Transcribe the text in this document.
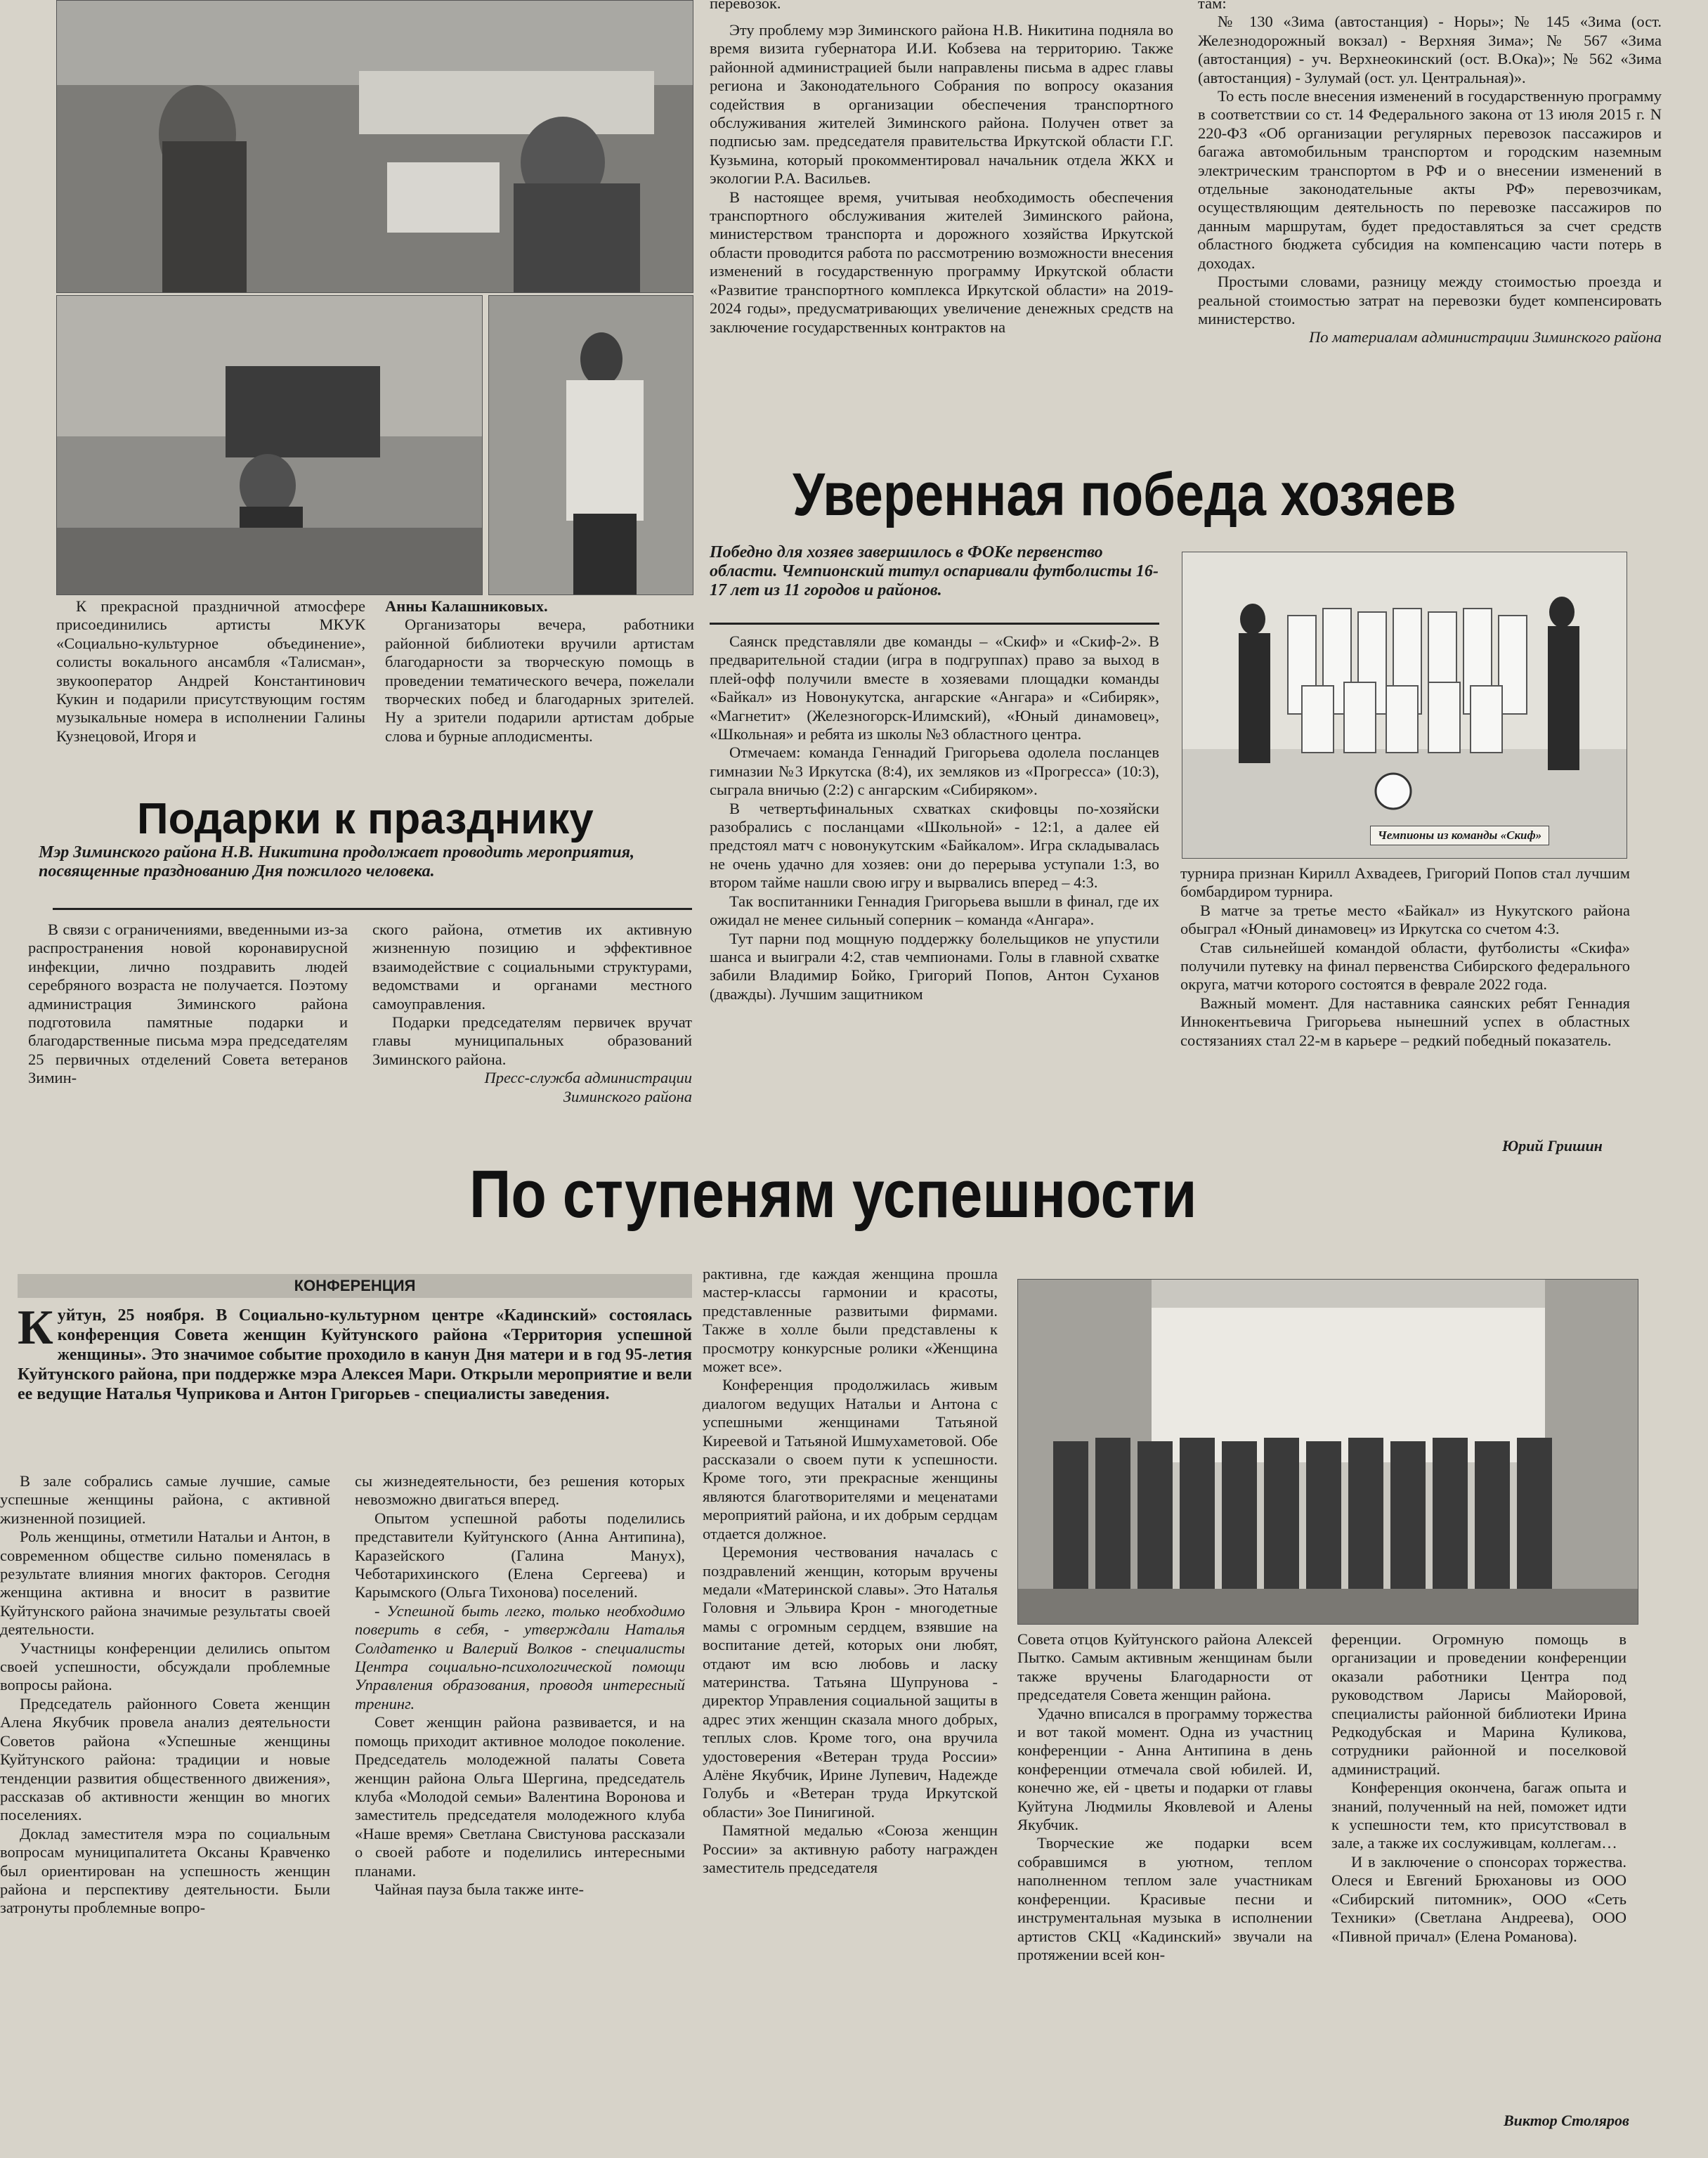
К прекрасной праздничной атмосфере присоединились артисты МКУК «Социально-культурное объединение», солисты вокального ансамбля «Талисман», звукооператор Андрей Константинович Кукин и подарили присутствующим гостям музыкальные номера в исполнении Галины Кузнецовой, Игоря и

Анны Калашниковых.

Организаторы вечера, работники районной библиотеки вручили артистам благодарности за творческую помощь в проведении тематического вечера, пожелали творческих побед и благодарных зрителей. Ну а зрители подарили артистам добрые слова и бурные аплодисменты.

перевозок.

Эту проблему мэр Зиминского района Н.В. Никитина подняла во время визита губернатора И.И. Кобзева на территорию. Также районной администрацией были направлены письма в адрес главы региона и Законодательного Собрания по вопросу оказания содействия в организации обеспечения транспортного обслуживания жителей Зиминского района. Получен ответ за подписью зам. председателя правительства Иркутской области Г.Г. Кузьмина, который прокомментировал начальник отдела ЖКХ и экологии Р.А. Васильев.

В настоящее время, учитывая необходимость обеспечения транспортного обслуживания жителей Зиминского района, министерством транспорта и дорожного хозяйства Иркутской области проводится работа по рассмотрению возможности внесения изменений в государственную программу Иркутской области «Развитие транспортного комплекса Иркутской области» на 2019-2024 годы», предусматривающих увеличение денежных средств на заключение государственных контрактов на

там:

№ 130 «Зима (автостанция) - Норы»; № 145 «Зима (ост. Железнодорожный вокзал) - Верхняя Зима»; № 567 «Зима (автостанция) - уч. Верхнеокинский (ост. В.Ока)»; № 562 «Зима (автостанция) - Зулумай (ост. ул. Центральная)».

То есть после внесения изменений в государственную программу в соответствии со ст. 14 Федерального закона от 13 июля 2015 г. N 220-ФЗ «Об организации регулярных перевозок пассажиров и багажа автомобильным транспортом и городским наземным электрическим транспортом в РФ и о внесении изменений в отдельные законодательные акты РФ» перевозчикам, осуществляющим деятельность по перевозке пассажиров по данным маршрутам, будет предоставляться за счет средств областного бюджета субсидия на компенсацию части потерь в доходах.

Простыми словами, разницу между стоимостью проезда и реальной стоимостью затрат на перевозки будет компенсировать министерство.

По материалам администрации Зиминского района

Уверенная победа хозяев
Победно для хозяев завершилось в ФОКе первенство области. Чемпионский титул оспаривали футболисты 16-17 лет из 11 городов и районов.

Саянск представляли две команды – «Скиф» и «Скиф-2». В предварительной стадии (игра в подгруппах) право за выход в плей-офф получили вместе в хозяевами площадки команды «Байкал» из Новонукутска, ангарские «Ангара» и «Сибиряк», «Магнетит» (Железногорск-Илимский), «Юный динамовец», «Школьная» и ребята из школы №3 областного центра.

Отмечаем: команда Геннадий Григорьева одолела посланцев гимназии №3 Иркутска (8:4), их земляков из «Прогресса» (10:3), сыграла вничью (2:2) с ангарским «Сибиряком».

В четвертьфинальных схватках скифовцы по-хозяйски разобрались с посланцами «Школьной» - 12:1, а далее ей предстоял матч с новонукутским «Байкалом». Игра складывалась не очень удачно для хозяев: они до перерыва уступали 1:3, во втором тайме нашли свою игру и вырвались вперед – 4:3.

Так воспитанники Геннадия Григорьева вышли в финал, где их ожидал не менее сильный соперник – команда «Ангара».

Тут парни под мощную поддержку болельщиков не упустили шанса и выиграли 4:2, став чемпионами. Голы в главной схватке забили Владимир Бойко, Григорий Попов, Антон Суханов (дважды). Лучшим защитником

Чемпионы из команды «Скиф»

турнира признан Кирилл Ахвадеев, Григорий Попов стал лучшим бомбардиром турнира.

В матче за третье место «Байкал» из Нукутского района обыграл «Юный динамовец» из Иркутска со счетом 4:3.

Став сильнейшей командой области, футболисты «Скифа» получили путевку на финал первенства Сибирского федерального округа, матчи которого состоятся в феврале 2022 года.

Важный момент. Для наставника саянских ребят Геннадия Иннокентьевича Григорьева нынешний успех в областных состязаниях стал 22-м в карьере – редкий победный показатель.

Юрий Гришин
Подарки к празднику
Мэр Зиминского района Н.В. Никитина продолжает проводить мероприятия, посвященные празднованию Дня пожилого человека.

В связи с ограничениями, введенными из-за распространения новой коронавирусной инфекции, лично поздравить людей серебряного возраста не получается. Поэтому администрация Зиминского района подготовила памятные подарки и благодарственные письма мэра председателям 25 первичных отделений Совета ветеранов Зимин-

ского района, отметив их активную жизненную позицию и эффективное взаимодействие с социальными структурами, ведомствами и органами местного самоуправления.

Подарки председателям первичек вручат главы муниципальных образований Зиминского района.

Пресс-служба администрации

Зиминского района

По ступеням успешности
КОНФЕРЕНЦИЯ
Куйтун, 25 ноября. В Социально-культурном центре «Кадинский» состоялась конференция Совета женщин Куйтунского района «Территория успешной женщины». Это значимое событие проходило в канун Дня матери и в год 95-летия Куйтунского района, при поддержке мэра Алексея Мари. Открыли мероприятие и вели ее ведущие Наталья Чуприкова и Антон Григорьев - специалисты заведения.

В зале собрались самые лучшие, самые успешные женщины района, с активной жизненной позицией.

Роль женщины, отметили Натальи и Антон, в современном обществе сильно поменялась в результате влияния многих факторов. Сегодня женщина активна и вносит в развитие Куйтунского района значимые результаты своей деятельности.

Участницы конференции делились опытом своей успешности, обсуждали проблемные вопросы района.

Председатель районного Совета женщин Алена Якубчик провела анализ деятельности Советов района «Успешные женщины Куйтунского района: традиции и новые тенденции развития общественного движения», рассказав об активности женщин во многих поселениях.

Доклад заместителя мэра по социальным вопросам муниципалитета Оксаны Кравченко был ориентирован на успешность женщин района и перспективу деятельности. Были затронуты проблемные вопро-

сы жизнедеятельности, без решения которых невозможно двигаться вперед.

Опытом успешной работы поделились представители Куйтунского (Анна Антипина), Каразейского (Галина Манух), Чеботарихинского (Елена Сергеева) и Карымского (Ольга Тихонова) поселений.

- Успешной быть легко, только необходимо поверить в себя, - утверждали Наталья Солдатенко и Валерий Волков - специалисты Центра социально-психологической помощи Управления образования, проводя интересный тренинг.

Совет женщин района развивается, и на помощь приходит активное молодое поколение. Председатель молодежной палаты Совета женщин района Ольга Шергина, председатель клуба «Молодой семьи» Валентина Воронова и заместитель председателя молодежного клуба «Наше время» Светлана Свистунова рассказали о своей работе и поделились интересными планами.

Чайная пауза была также инте-

рактивна, где каждая женщина прошла мастер-классы гармонии и красоты, представленные развитыми фирмами. Также в холле были представлены к просмотру конкурсные ролики «Женщина может все».

Конференция продолжилась живым диалогом ведущих Натальи и Антона с успешными женщинами Татьяной Киреевой и Татьяной Ишмухаметовой. Обе рассказали о своем пути к успешности. Кроме того, эти прекрасные женщины являются благотворителями и меценатами мероприятий района, и их добрым сердцам отдается должное.

Церемония чествования началась с поздравлений женщин, которым вручены медали «Материнской славы». Это Наталья Головня и Эльвира Крон - многодетные мамы с огромным сердцем, взявшие на воспитание детей, которых они любят, отдают им всю любовь и ласку материнства. Татьяна Шупрунова - директор Управления социальной защиты в адрес этих женщин сказала много добрых, теплых слов. Кроме того, она вручила удостоверения «Ветеран труда России» Алёне Якубчик, Ирине Лупевич, Надежде Голубь и «Ветеран труда Иркутской области» Зое Пинигиной.

Памятной медалью «Союза женщин России» за активную работу награжден заместитель председателя

Совета отцов Куйтунского района Алексей Пытко. Самым активным женщинам были также вручены Благодарности от председателя Совета женщин района.

Удачно вписался в программу торжества и вот такой момент. Одна из участниц конференции - Анна Антипина в день конференции отмечала свой юбилей. И, конечно же, ей - цветы и подарки от главы Куйтуна Людмилы Яковлевой и Алены Якубчик.

Творческие же подарки всем собравшимся в уютном, теплом наполненном теплом зале участникам конференции. Красивые песни и инструментальная музыка в исполнении артистов СКЦ «Кадинский» звучали на протяжении всей кон-

ференции. Огромную помощь в организации и проведении конференции оказали работники Центра под руководством Ларисы Майоровой, специалисты районной библиотеки Ирина Редкодубская и Марина Куликова, сотрудники районной и поселковой администраций.

Конференция окончена, багаж опыта и знаний, полученный на ней, поможет идти к успешности тем, кто присутствовал в зале, а также их сослуживцам, коллегам…

И в заключение о спонсорах торжества. Олеся и Евгений Брюхановы из ООО «Сибирский питомник», ООО «Сеть Техники» (Светлана Андреева), ООО «Пивной причал» (Елена Романова).

Виктор Столяров
